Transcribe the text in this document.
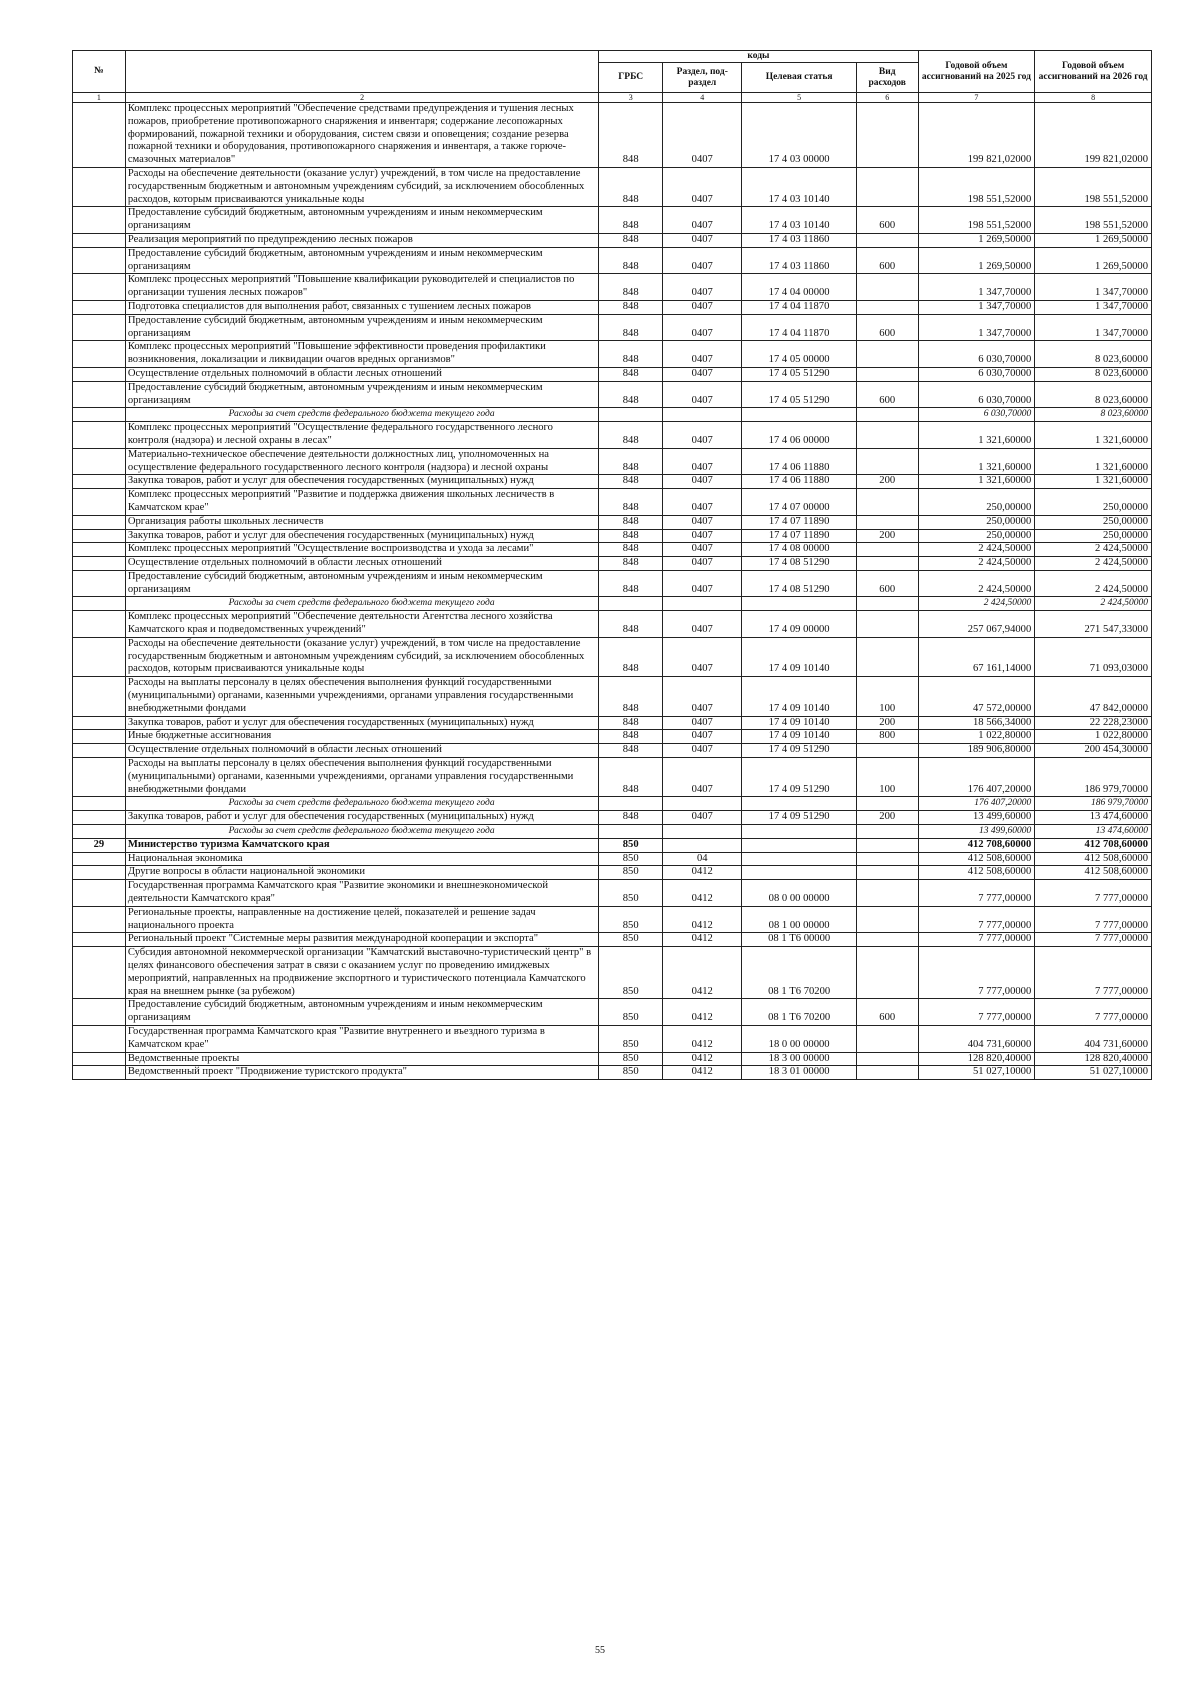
№		коды				Годовой объем ассигнований на 2025 год	Годовой объем ассигнований на 2026 год
		ГРБС	Раздел, под-раздел	Целевая статья	Вид расходов		
1	2	3	4	5	6	7	8
	Комплекс процессных мероприятий "Обеспечение средствами предупреждения и тушения лесных пожаров, приобретение противопожарного снаряжения и инвентаря; содержание лесопожарных формирований, пожарной техники и оборудования, систем связи и оповещения; создание резерва пожарной техники и оборудования, противопожарного снаряжения и инвентаря, а также горюче-смазочных материалов"	848	0407	17 4 03 00000		199 821,02000	199 821,02000
	Расходы на обеспечение деятельности (оказание услуг) учреждений, в том числе на предоставление государственным бюджетным и автономным учреждениям субсидий, за исключением обособленных расходов, которым присваиваются уникальные коды	848	0407	17 4 03 10140		198 551,52000	198 551,52000
	Предоставление субсидий бюджетным, автономным учреждениям и иным некоммерческим организациям	848	0407	17 4 03 10140	600	198 551,52000	198 551,52000
	Реализация мероприятий по предупреждению лесных пожаров	848	0407	17 4 03 11860		1 269,50000	1 269,50000
	Предоставление субсидий бюджетным, автономным учреждениям и иным некоммерческим организациям	848	0407	17 4 03 11860	600	1 269,50000	1 269,50000
	Комплекс процессных мероприятий "Повышение квалификации руководителей и специалистов по организации тушения лесных пожаров"	848	0407	17 4 04 00000		1 347,70000	1 347,70000
	Подготовка специалистов для выполнения работ, связанных с тушением лесных пожаров	848	0407	17 4 04 11870		1 347,70000	1 347,70000
	Предоставление субсидий бюджетным, автономным учреждениям и иным некоммерческим организациям	848	0407	17 4 04 11870	600	1 347,70000	1 347,70000
	Комплекс процессных мероприятий "Повышение эффективности проведения профилактики возникновения, локализации и ликвидации очагов вредных организмов"	848	0407	17 4 05 00000		6 030,70000	8 023,60000
	Осуществление отдельных полномочий в области лесных отношений	848	0407	17 4 05 51290		6 030,70000	8 023,60000
	Предоставление субсидий бюджетным, автономным учреждениям и иным некоммерческим организациям	848	0407	17 4 05 51290	600	6 030,70000	8 023,60000
	Расходы за счет средств федерального бюджета текущего года					6 030,70000	8 023,60000
	Комплекс процессных мероприятий "Осуществление федерального государственного лесного контроля (надзора) и лесной охраны в лесах"	848	0407	17 4 06 00000		1 321,60000	1 321,60000
	Материально-техническое обеспечение деятельности должностных лиц, уполномоченных на осуществление федерального государственного лесного контроля (надзора) и лесной охраны	848	0407	17 4 06 11880		1 321,60000	1 321,60000
	Закупка товаров, работ и услуг для обеспечения государственных (муниципальных) нужд	848	0407	17 4 06 11880	200	1 321,60000	1 321,60000
	Комплекс процессных мероприятий "Развитие и поддержка движения школьных лесничеств в Камчатском крае"	848	0407	17 4 07 00000		250,00000	250,00000
	Организация работы школьных лесничеств	848	0407	17 4 07 11890		250,00000	250,00000
	Закупка товаров, работ и услуг для обеспечения государственных (муниципальных) нужд	848	0407	17 4 07 11890	200	250,00000	250,00000
	Комплекс процессных мероприятий "Осуществление воспроизводства и ухода за лесами"	848	0407	17 4 08 00000		2 424,50000	2 424,50000
	Осуществление отдельных полномочий в области лесных отношений	848	0407	17 4 08 51290		2 424,50000	2 424,50000
	Предоставление субсидий бюджетным, автономным учреждениям и иным некоммерческим организациям	848	0407	17 4 08 51290	600	2 424,50000	2 424,50000
	Расходы за счет средств федерального бюджета текущего года					2 424,50000	2 424,50000
	Комплекс процессных мероприятий "Обеспечение деятельности Агентства лесного хозяйства Камчатского края и подведомственных учреждений"	848	0407	17 4 09 00000		257 067,94000	271 547,33000
	Расходы на обеспечение деятельности (оказание услуг) учреждений, в том числе на предоставление государственным бюджетным и автономным учреждениям субсидий, за исключением обособленных расходов, которым присваиваются уникальные коды	848	0407	17 4 09 10140		67 161,14000	71 093,03000
	Расходы на выплаты персоналу в целях обеспечения выполнения функций государственными (муниципальными) органами, казенными учреждениями, органами управления государственными внебюджетными фондами	848	0407	17 4 09 10140	100	47 572,00000	47 842,00000
	Закупка товаров, работ и услуг для обеспечения государственных (муниципальных) нужд	848	0407	17 4 09 10140	200	18 566,34000	22 228,23000
	Иные бюджетные ассигнования	848	0407	17 4 09 10140	800	1 022,80000	1 022,80000
	Осуществление отдельных полномочий в области лесных отношений	848	0407	17 4 09 51290		189 906,80000	200 454,30000
	Расходы на выплаты персоналу в целях обеспечения выполнения функций государственными (муниципальными) органами, казенными учреждениями, органами управления государственными внебюджетными фондами	848	0407	17 4 09 51290	100	176 407,20000	186 979,70000
	Расходы за счет средств федерального бюджета текущего года					176 407,20000	186 979,70000
	Закупка товаров, работ и услуг для обеспечения государственных (муниципальных) нужд	848	0407	17 4 09 51290	200	13 499,60000	13 474,60000
	Расходы за счет средств федерального бюджета текущего года					13 499,60000	13 474,60000
29	Министерство туризма Камчатского края	850				412 708,60000	412 708,60000
	Национальная экономика	850	04			412 508,60000	412 508,60000
	Другие вопросы в области национальной экономики	850	0412			412 508,60000	412 508,60000
	Государственная программа Камчатского края "Развитие экономики и внешнеэкономической деятельности Камчатского края"	850	0412	08 0 00 00000		7 777,00000	7 777,00000
	Региональные проекты, направленные на достижение целей, показателей и решение задач национального проекта	850	0412	08 1 00 00000		7 777,00000	7 777,00000
	Региональный проект "Системные меры развития международной кооперации и экспорта"	850	0412	08 1 Т6 00000		7 777,00000	7 777,00000
	Субсидия автономной некоммерческой организации "Камчатский выставочно-туристический центр" в целях финансового обеспечения затрат в связи с оказанием услуг по проведению имиджевых мероприятий, направленных на продвижение экспортного и туристического потенциала Камчатского края на внешнем рынке (за рубежом)	850	0412	08 1 Т6 70200		7 777,00000	7 777,00000
	Предоставление субсидий бюджетным, автономным учреждениям и иным некоммерческим организациям	850	0412	08 1 Т6 70200	600	7 777,00000	7 777,00000
	Государственная программа Камчатского края "Развитие внутреннего и въездного туризма в Камчатском крае"	850	0412	18 0 00 00000		404 731,60000	404 731,60000
	Ведомственные проекты	850	0412	18 3 00 00000		128 820,40000	128 820,40000
	Ведомственный проект "Продвижение туристского продукта"	850	0412	18 3 01 00000		51 027,10000	51 027,10000
55
